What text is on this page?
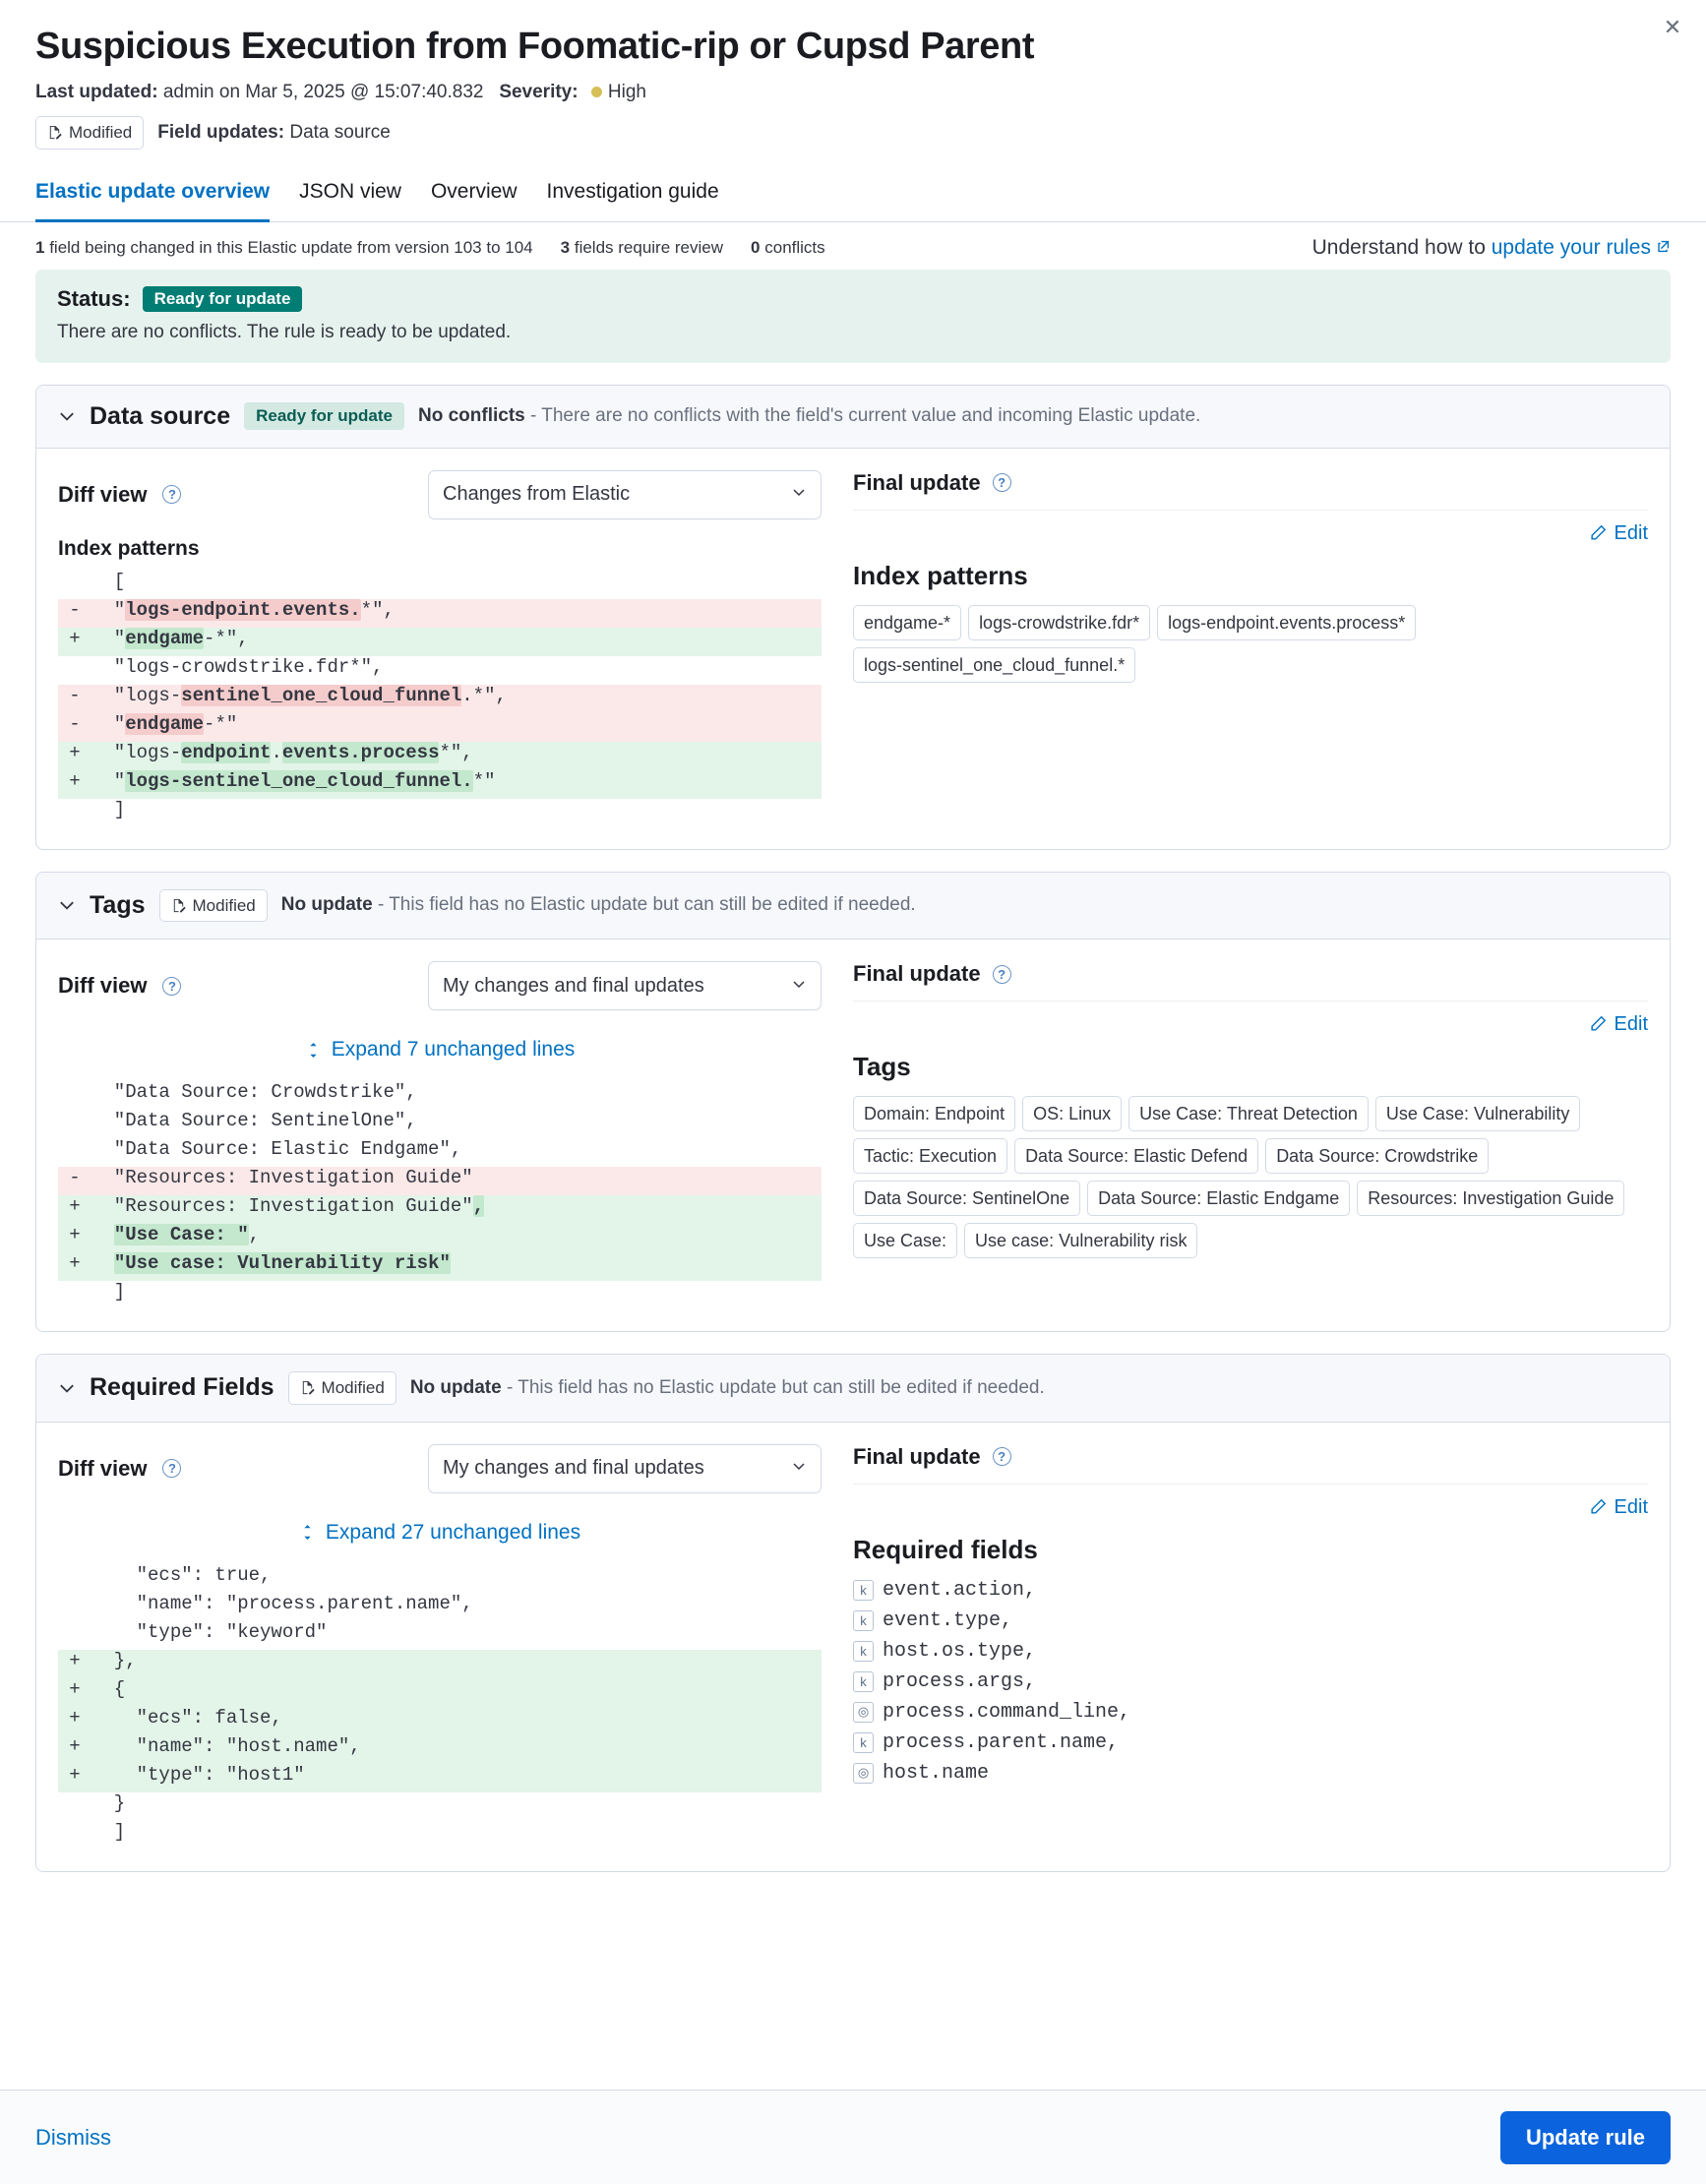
✕
Suspicious Execution from Foomatic-rip or Cupsd Parent
Last updated: admin on Mar 5, 2025 @ 15:07:40.832 Severity: High
Modified Field updates: Data source
Elastic update overview JSON view Overview Investigation guide
1 field being changed in this Elastic update from version 103 to 104 3 fields require review 0 conflicts	Understand how to update your rules
Status:	Ready for update
There are no conflicts. The rule is ready to be updated.
Data source	Ready for update	No conflicts - There are no conflicts with the field's current value and incoming Elastic update.
Diff view	?	Changes from Elastic
Index patterns
[
- "logs-endpoint.events.*",
+ "endgame-*",
"logs-crowdstrike.fdr*",
- "logs-sentinel_one_cloud_funnel.*",
- "endgame-*"
+ "logs-endpoint.events.process*",
+ "logs-sentinel_one_cloud_funnel.*"
]
Final update	?
Edit
Index patterns
endgame-*	logs-crowdstrike.fdr*	logs-endpoint.events.process*
logs-sentinel_one_cloud_funnel.*
Tags	Modified No update - This field has no Elastic update but can still be edited if needed.
Diff view	?	My changes and final updates
Expand 7 unchanged lines
"Data Source: Crowdstrike",
"Data Source: SentinelOne",
"Data Source: Elastic Endgame",
- "Resources: Investigation Guide"
+ "Resources: Investigation Guide",
+	"Use Case: ",
+	"Use case: Vulnerability risk"
]
Final update	?
Edit
Tags
Domain: Endpoint	OS: Linux	Use Case: Threat Detection	Use Case: Vulnerability
Tactic: Execution	Data Source: Elastic Defend	Data Source: Crowdstrike
Data Source: SentinelOne	Data Source: Elastic Endgame	Resources: Investigation Guide
Use Case:	Use case: Vulnerability risk
Required Fields	Modified No update - This field has no Elastic update but can still be edited if needed.
Diff view	?	My changes and final updates
Expand 27 unchanged lines
"ecs": true,
"name": "process.parent.name",
"type": "keyword"
+ },
+ {
+ "ecs": false,
+ "name": "host.name",
+ "type": "host1"
}
]
Final update	?
Edit
Required fields
k event.action,
k event.type,
k host.os.type,
k process.args,
◎ process.command_line,
k process.parent.name,
◎ host.name
Dismiss	Update rule
